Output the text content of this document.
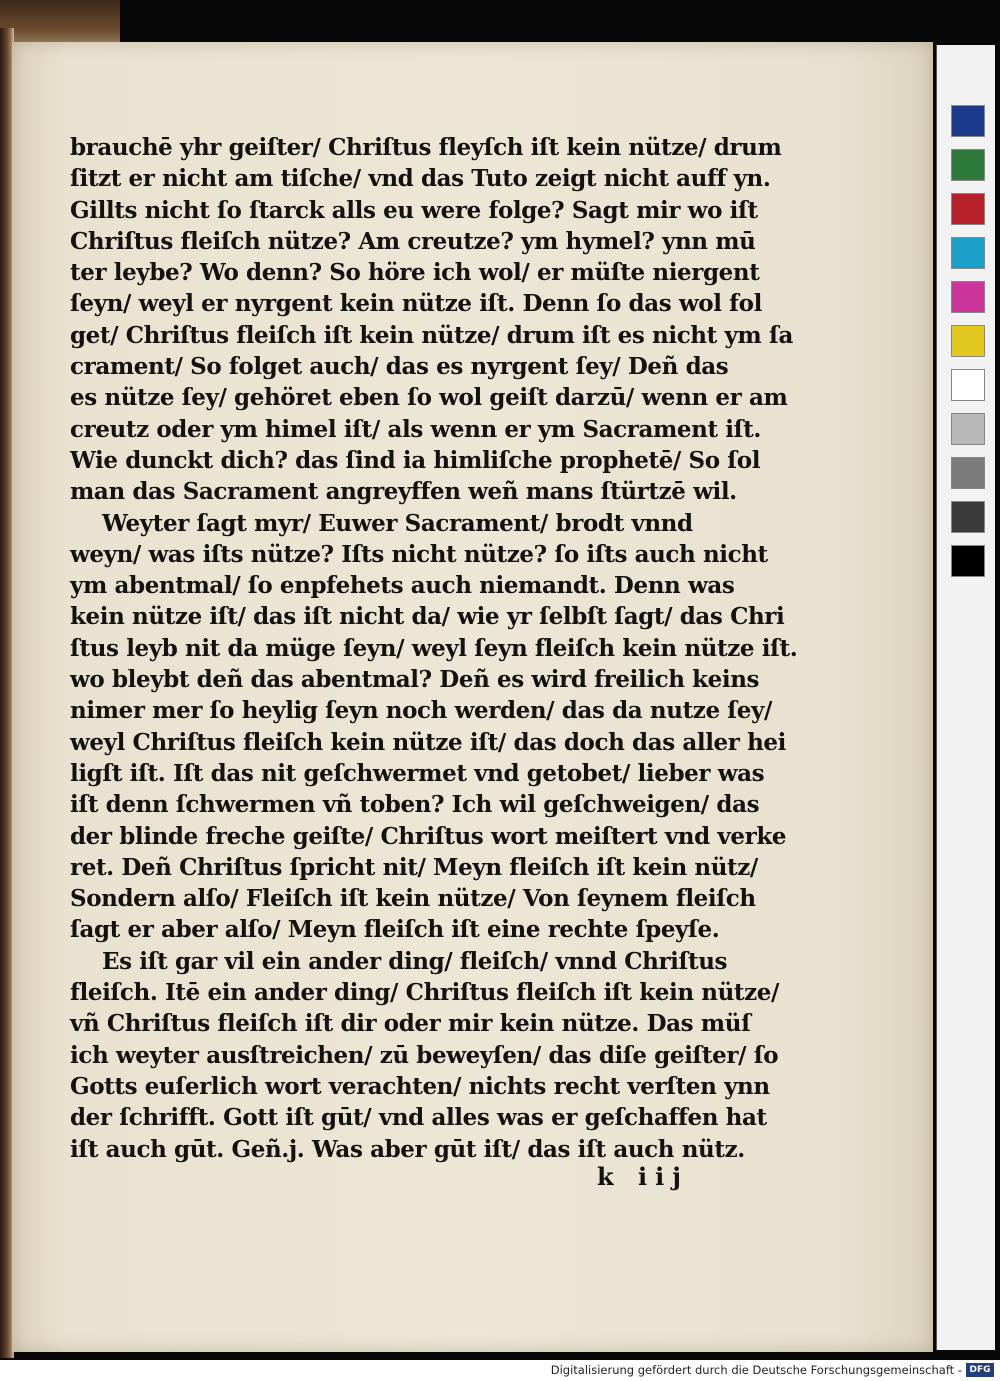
brauchē yhr geiſter/ Chriſtus fleyſch iſt kein nütze/ drum
ſitzt er nicht am tiſche/ vnd das Tuto zeigt nicht auff yn.
Gillts nicht ſo ſtarck alls eu were folge? Sagt mir wo iſt
Chriſtus fleiſch nütze? Am creutze? ym hymel? ynn mū
ter leybe? Wo denn? So höre ich wol/ er müſte niergent
ſeyn/ weyl er nyrgent kein nütze iſt. Denn ſo das wol fol
get/ Chriſtus fleiſch iſt kein nütze/ drum iſt es nicht ym ſa
crament/ So folget auch/ das es nyrgent ſey/ Deñ das
es nütze ſey/ gehöret eben ſo wol geiſt darzū/ wenn er am
creutz oder ym himel iſt/ als wenn er ym Sacrament iſt.
Wie dunckt dich? das ſind ia himliſche prophetē/ So ſol
man das Sacrament angreyffen weñ mans ſtürtzē wil.
Weyter ſagt myr/ Euwer Sacrament/ brodt vnnd
weyn/ was iſts nütze? Iſts nicht nütze? ſo iſts auch nicht
ym abentmal/ ſo enpfehets auch niemandt. Denn was
kein nütze iſt/ das iſt nicht da/ wie yr ſelbſt ſagt/ das Chri
ſtus leyb nit da müge ſeyn/ weyl ſeyn fleiſch kein nütze iſt.
wo bleybt deñ das abentmal? Deñ es wird freilich keins
nimer mer ſo heylig ſeyn noch werden/ das da nutze ſey/
weyl Chriſtus fleiſch kein nütze iſt/ das doch das aller hei
ligſt iſt. Iſt das nit geſchwermet vnd getobet/ lieber was
iſt denn ſchwermen vñ toben? Ich wil geſchweigen/ das
der blinde freche geiſte/ Chriſtus wort meiſtert vnd verke
ret. Deñ Chriſtus ſpricht nit/ Meyn fleiſch iſt kein nütz/
Sondern alſo/ Fleiſch iſt kein nütze/ Von ſeynem fleiſch
ſagt er aber alſo/ Meyn fleiſch iſt eine rechte ſpeyſe.
Es iſt gar vil ein ander ding/ fleiſch/ vnnd Chriſtus
fleiſch. Itē ein ander ding/ Chriſtus fleiſch iſt kein nütze/
vñ Chriſtus fleiſch iſt dir oder mir kein nütze. Das müſ
ich weyter ausſtreichen/ zū beweyſen/ das diſe geiſter/ ſo
Gotts euſerlich wort verachten/ nichts recht verſten ynn
der ſchrifft. Gott iſt gūt/ vnd alles was er geſchaffen hat
iſt auch gūt. Geñ.j. Was aber gūt iſt/ das iſt auch nütz.
k iij
Digitalisierung gefördert durch die Deutsche Forschungsgemeinschaft - DFG
